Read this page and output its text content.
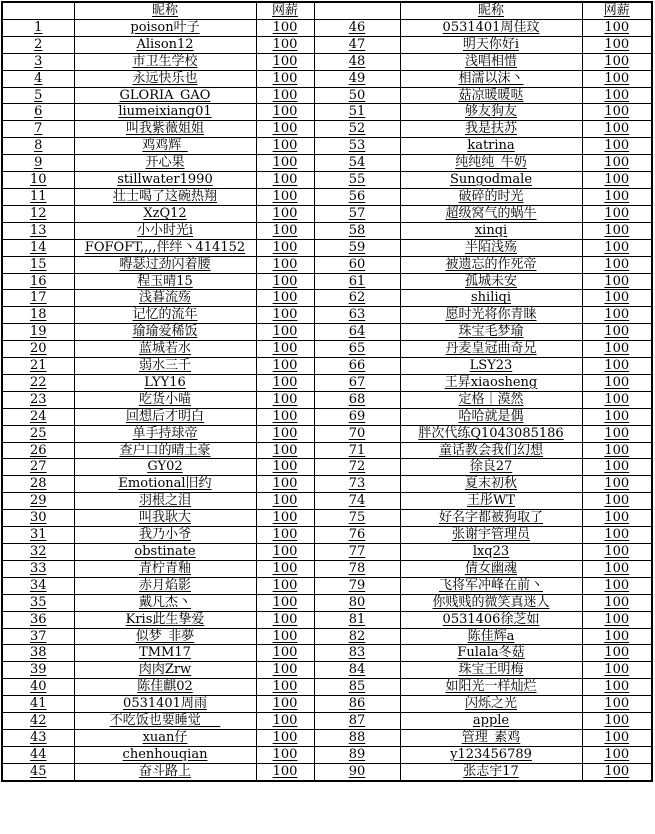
	昵称	网薪		昵称	网薪
1	poison叶子	100	46	0531401周佳玟	100
2	Alison12	100	47	明天你好i	100
3	市卫生学校	100	48	浅唱相惜	100
4	永远快乐也	100	49	相濡以沫丶	100
5	GLORIA_GAO	100	50	菇凉暖暖哒	100
6	liumeixiang01	100	51	够友狗友	100
7	叫我紫薇姐姐	100	52	我是扶苏	100
8	鸡鸡辉_	100	53	katrina	100
9	开心果	100	54	纯纯纯_牛奶	100
10	stillwater1990	100	55	Sungodmale	100
11	壮士喝了这碗热翔	100	56	破碎的时光	100
12	XzQ12	100	57	超级窝气的蜗牛	100
13	小小时光i	100	58	xinqi	100
14	FOFOFT,,,,伴绊丶414152	100	59	半陌浅殇	100
15	嘚瑟过劲闪着腰	100	60	被遗忘的作死帝	100
16	程玉晴15	100	61	孤城未安	100
17	浅暮流殇	100	62	shiliqi	100
18	记忆的流年	100	63	愿时光将你青睐	100
19	瑜瑜爱稀饭	100	64	珠宝毛梦瑜	100
20	蓝城若水	100	65	丹麦皇冠曲奇兄	100
21	弱水三千	100	66	LSY23	100
22	LYY16	100	67	王昇xiaosheng	100
23	吃货小喵	100	68	定格｜漠然	100
24	回想后才明白	100	69	哈哈就是偶	100
25	单手持球帝	100	70	胖次代练Q1043085186	100
26	查户口的晴土豪	100	71	童话教会我们幻想	100
27	GY02	100	72	徐良27	100
28	Emotional旧约	100	73	夏末初秋	100
29	羽根之泪	100	74	王彤WT	100
30	叫我耿大	100	75	好名字都被狗取了	100
31	我乃小爷	100	76	张谢宇管理员	100
32	obstinate	100	77	lxq23	100
33	青柠青釉	100	78	倩女幽魂	100
34	赤月焰影	100	79	飞将军冲峰在前丶	100
35	戴凡杰丶	100	80	你贱贱的微笑真迷人	100
36	Kris此生挚爱	100	81	0531406徐芝如	100
37	似梦_非夢	100	82	陈佳辉a	100
38	TMM17	100	83	Fulala冬菇	100
39	肉肉Zrw	100	84	珠宝王明梅	100
40	陈佳麒02	100	85	如阳光一样灿烂	100
41	0531401周雨	100	86	闪烁之光	100
42	不吃饭也要睡觉___	100	87	apple	100
43	xuan仔	100	88	管理_素鸡	100
44	chenhouqian	100	89	y123456789	100
45	奋斗路上	100	90	张志宇17	100
